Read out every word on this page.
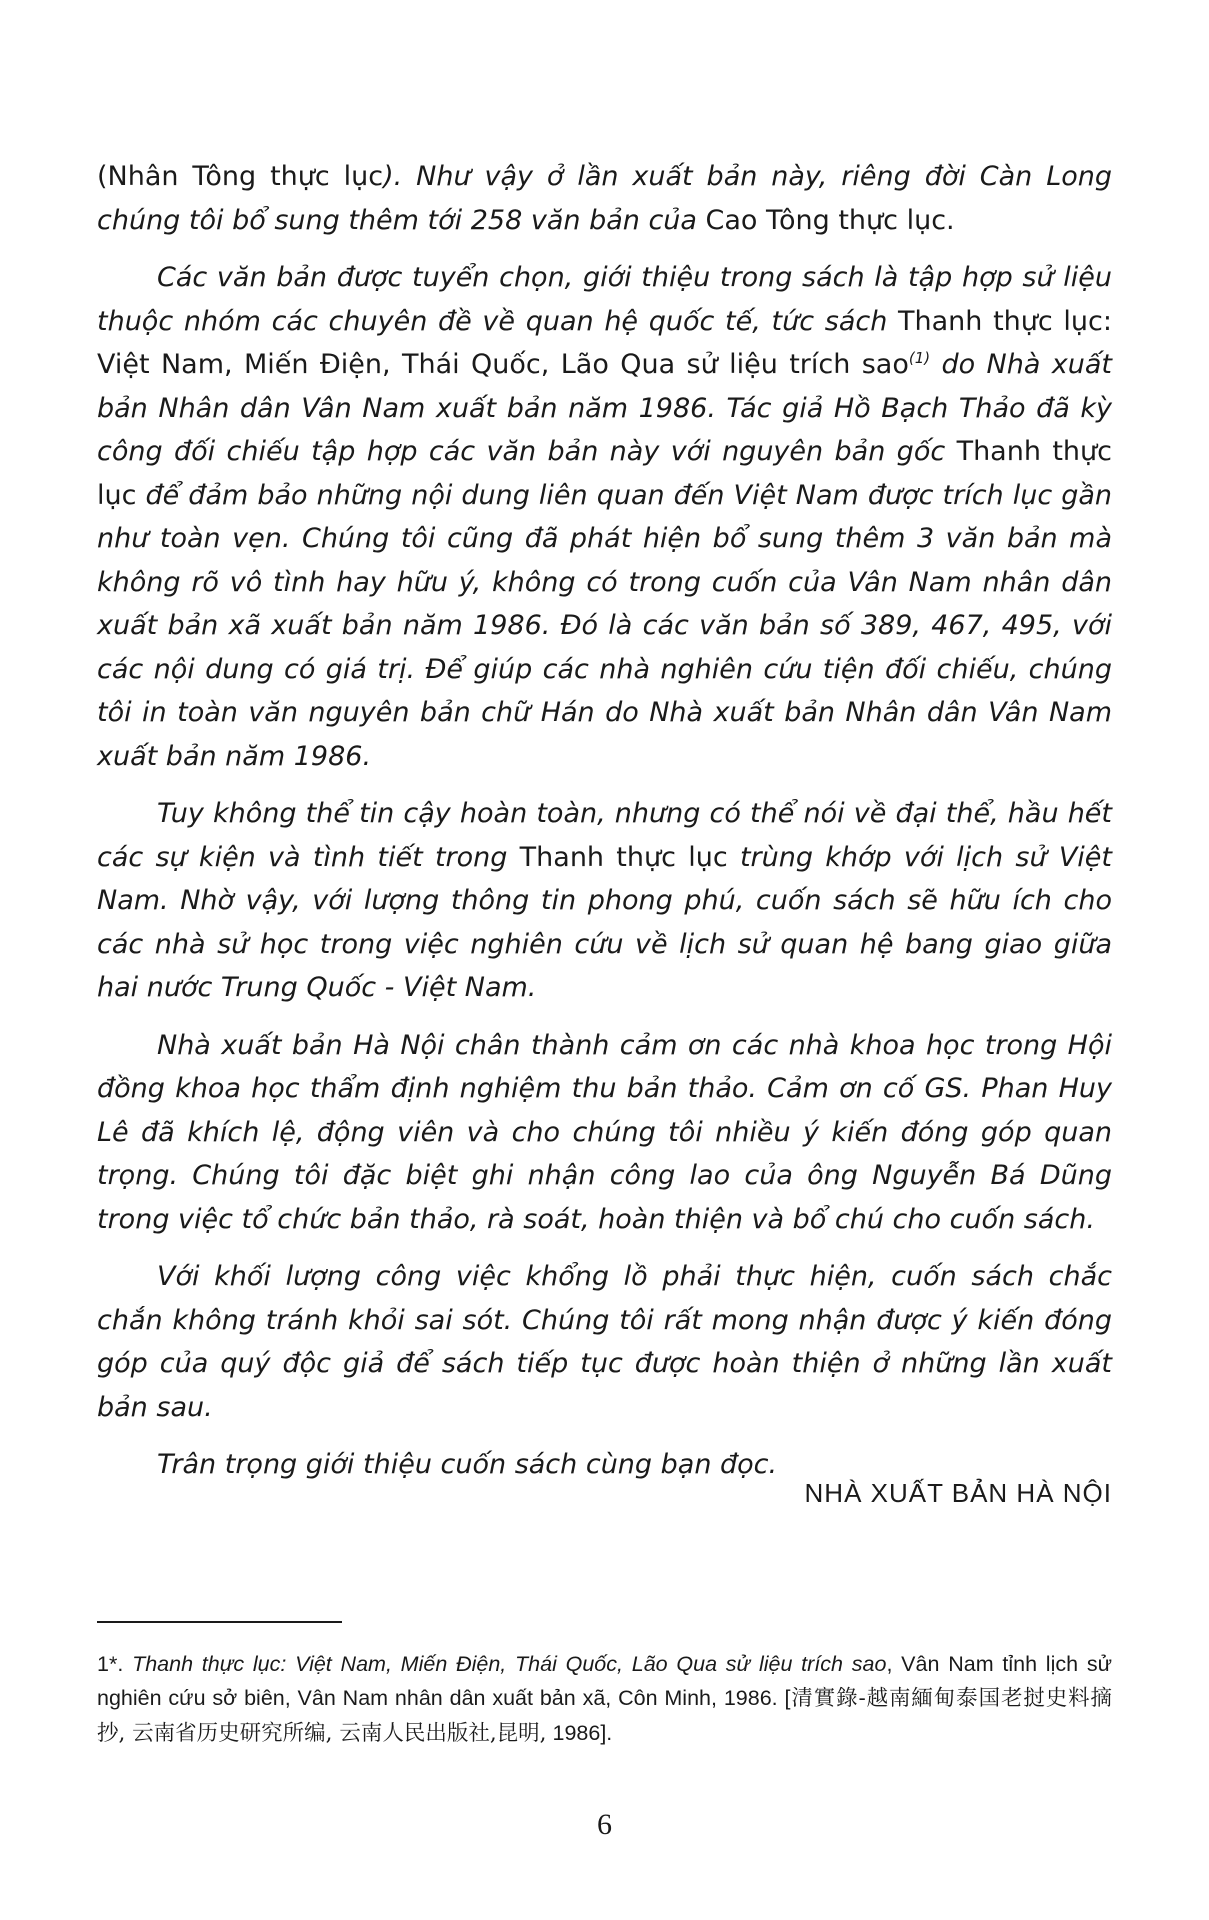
(Nhân Tông thực lục). Như vậy ở lần xuất bản này, riêng đời Càn Long chúng tôi bổ sung thêm tới 258 văn bản của Cao Tông thực lục.

Các văn bản được tuyển chọn, giới thiệu trong sách là tập hợp sử liệu thuộc nhóm các chuyên đề về quan hệ quốc tế, tức sách Thanh thực lục: Việt Nam, Miến Điện, Thái Quốc, Lão Qua sử liệu trích sao$^{(1)}$ do Nhà xuất bản Nhân dân Vân Nam xuất bản năm 1986. Tác giả Hồ Bạch Thảo đã kỳ công đối chiếu tập hợp các văn bản này với nguyên bản gốc Thanh thực lục để đảm bảo những nội dung liên quan đến Việt Nam được trích lục gần như toàn vẹn. Chúng tôi cũng đã phát hiện bổ sung thêm 3 văn bản mà không rõ vô tình hay hữu ý, không có trong cuốn của Vân Nam nhân dân xuất bản xã xuất bản năm 1986. Đó là các văn bản số 389, 467, 495, với các nội dung có giá trị. Để giúp các nhà nghiên cứu tiện đối chiếu, chúng tôi in toàn văn nguyên bản chữ Hán do Nhà xuất bản Nhân dân Vân Nam xuất bản năm 1986.

Tuy không thể tin cậy hoàn toàn, nhưng có thể nói về đại thể, hầu hết các sự kiện và tình tiết trong Thanh thực lục trùng khớp với lịch sử Việt Nam. Nhờ vậy, với lượng thông tin phong phú, cuốn sách sẽ hữu ích cho các nhà sử học trong việc nghiên cứu về lịch sử quan hệ bang giao giữa hai nước Trung Quốc - Việt Nam.

Nhà xuất bản Hà Nội chân thành cảm ơn các nhà khoa học trong Hội đồng khoa học thẩm định nghiệm thu bản thảo. Cảm ơn cố GS. Phan Huy Lê đã khích lệ, động viên và cho chúng tôi nhiều ý kiến đóng góp quan trọng. Chúng tôi đặc biệt ghi nhận công lao của ông Nguyễn Bá Dũng trong việc tổ chức bản thảo, rà soát, hoàn thiện và bổ chú cho cuốn sách.

Với khối lượng công việc khổng lồ phải thực hiện, cuốn sách chắc chắn không tránh khỏi sai sót. Chúng tôi rất mong nhận được ý kiến đóng góp của quý độc giả để sách tiếp tục được hoàn thiện ở những lần xuất bản sau.

Trân trọng giới thiệu cuốn sách cùng bạn đọc.

NHÀ XUẤT BẢN HÀ NỘI
1*. Thanh thực lục: Việt Nam, Miến Điện, Thái Quốc, Lão Qua sử liệu trích sao, Vân Nam tỉnh lịch sử nghiên cứu sở biên, Vân Nam nhân dân xuất bản xã, Côn Minh, 1986. [清實錄-越南緬甸泰国老挝史料摘抄, 云南省历史研究所编, 云南人民出版社,昆明, 1986].
6
